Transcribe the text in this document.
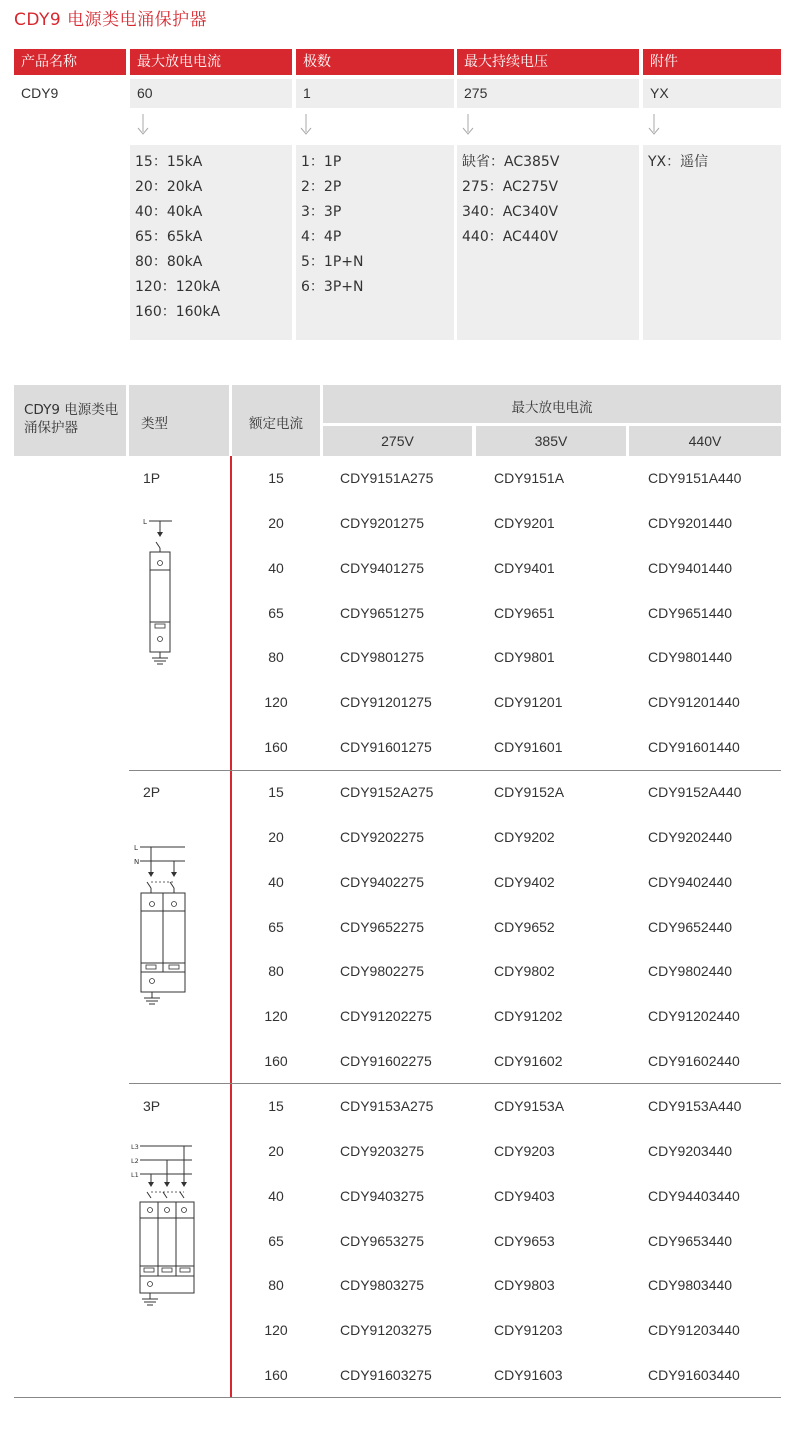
CDY9 电源类电涌保护器
产品名称	最大放电电流	极数	最大持续电压	附件
CDY9	60	1	275	YX
15：15kA
20：20kA
40：40kA
65：65kA
80：80kA
120：120kA
160：160kA
1：1P
2：2P
3：3P
4：4P
5：1P+N
6：3P+N
缺省：AC385V
275：AC275V
340：AC340V
440：AC440V
YX：遥信
CDY9 电源类电涌保护器	类型	额定电流
最大放电电流
275V	385V	440V
1P
2P
3P
L
L
N
L3
L2
L1
15	CDY9151A275	CDY9151A	CDY9151A440
20	CDY9201275	CDY9201	CDY9201440
40	CDY9401275	CDY9401	CDY9401440
65	CDY9651275	CDY9651	CDY9651440
80	CDY9801275	CDY9801	CDY9801440
120	CDY91201275	CDY91201	CDY91201440
160	CDY91601275	CDY91601	CDY91601440
15	CDY9152A275	CDY9152A	CDY9152A440
20	CDY9202275	CDY9202	CDY9202440
40	CDY9402275	CDY9402	CDY9402440
65	CDY9652275	CDY9652	CDY9652440
80	CDY9802275	CDY9802	CDY9802440
120	CDY91202275	CDY91202	CDY91202440
160	CDY91602275	CDY91602	CDY91602440
15	CDY9153A275	CDY9153A	CDY9153A440
20	CDY9203275	CDY9203	CDY9203440
40	CDY9403275	CDY9403	CDY94403440
65	CDY9653275	CDY9653	CDY9653440
80	CDY9803275	CDY9803	CDY9803440
120	CDY91203275	CDY91203	CDY91203440
160	CDY91603275	CDY91603	CDY91603440
